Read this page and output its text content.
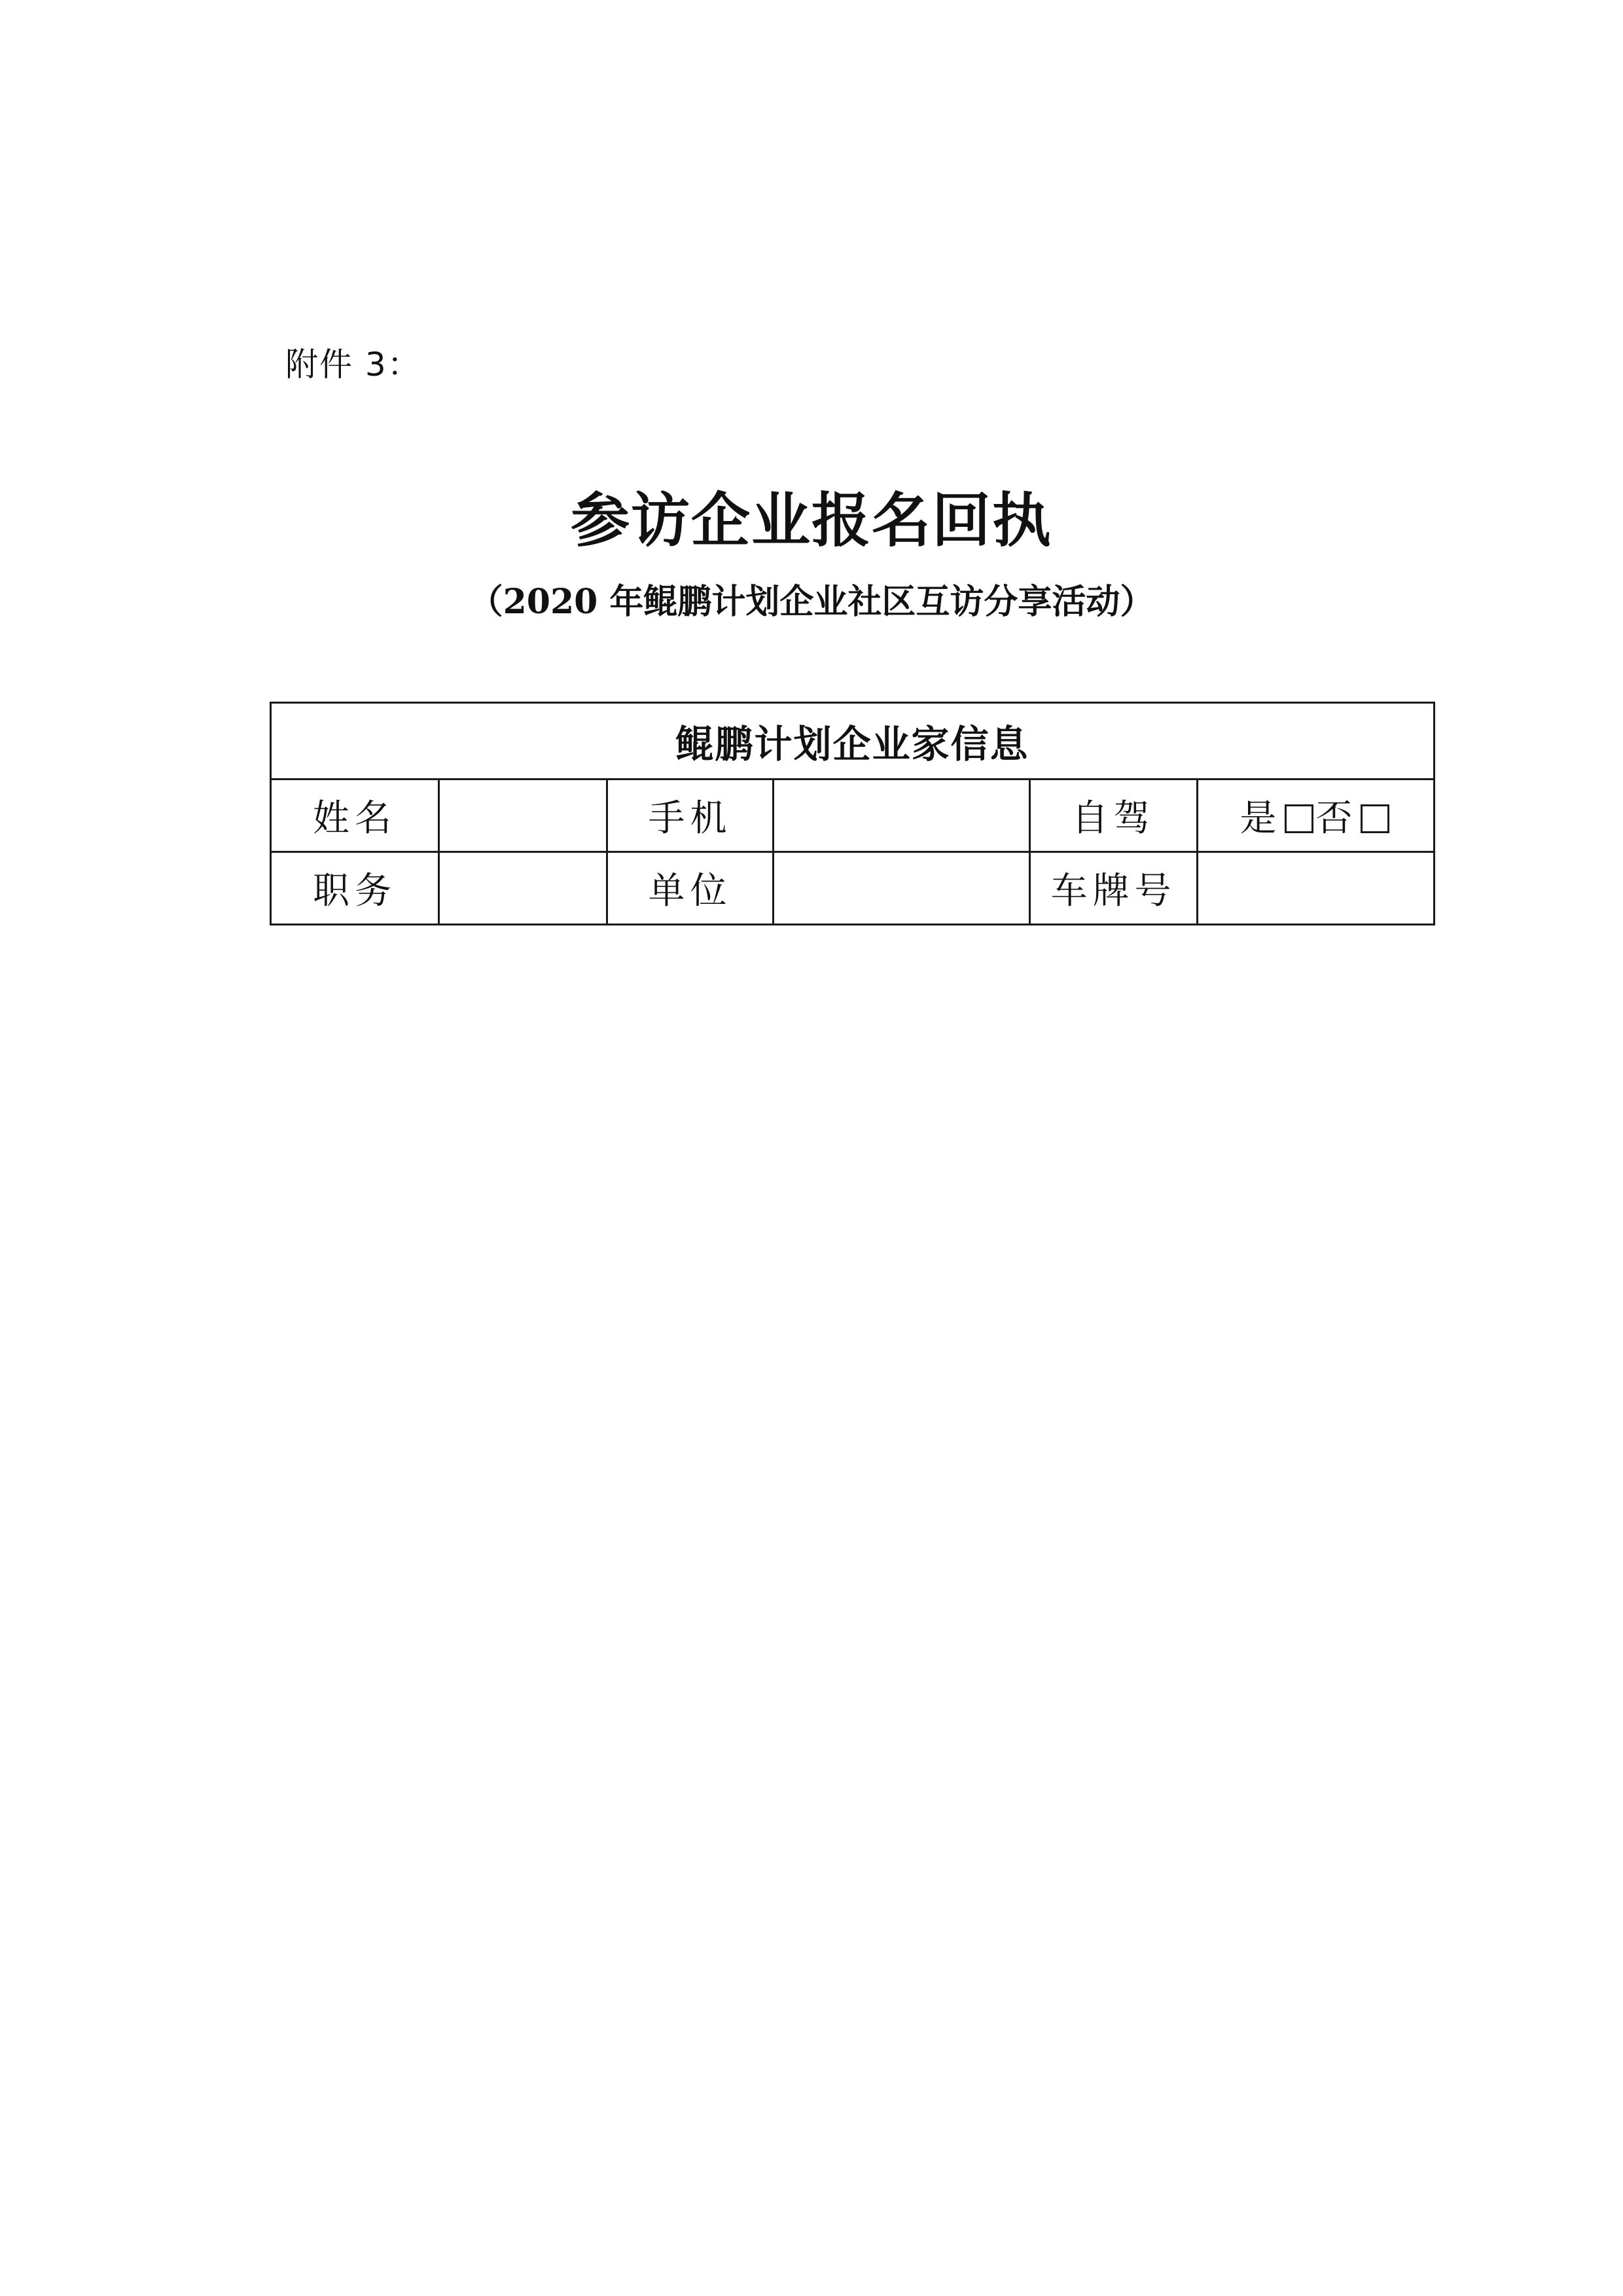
附件 3：
参访企业报名回执
（2020 年鲲鹏计划企业社区互访分享活动）
鲲鹏计划企业家信息					
姓名		手机		自驾	是 否
职务		单位		车牌号	
